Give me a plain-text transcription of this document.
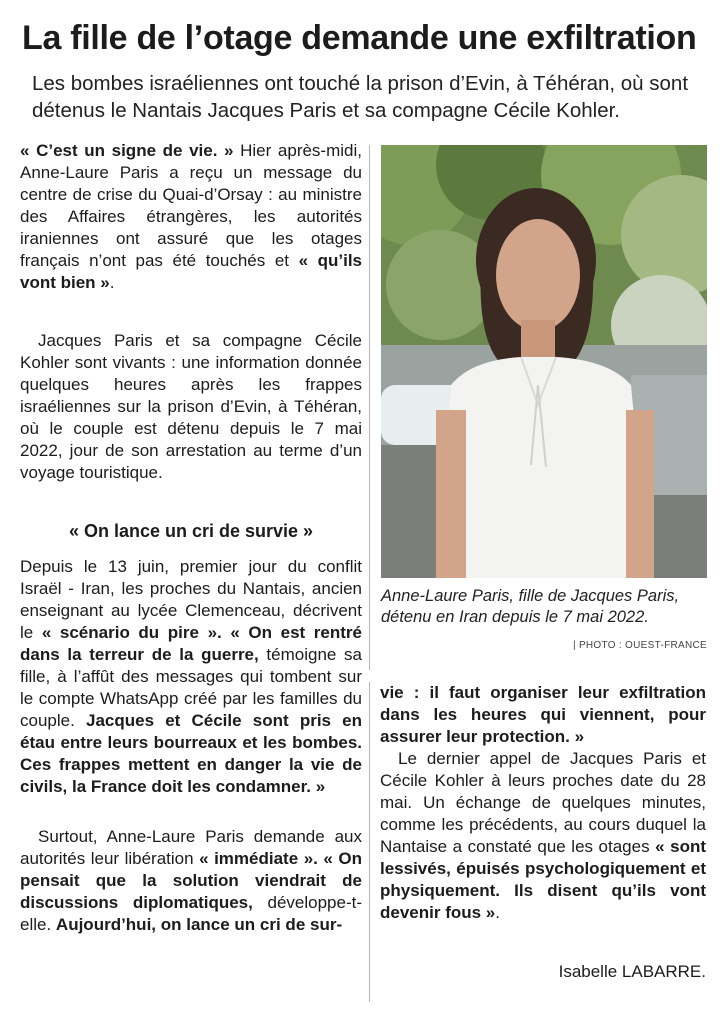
La fille de l’otage demande une exfiltration

Les bombes israéliennes ont touché la prison d’Evin, à Téhéran, où sont détenus le Nantais Jacques Paris et sa compagne Cécile Kohler.

« C’est un signe de vie. » Hier après-midi, Anne-Laure Paris a reçu un message du centre de crise du Quai-d’Orsay : au ministre des Affaires étrangères, les autorités iraniennes ont assuré que les otages français n’ont pas été touchés et « qu’ils vont bien ».

Jacques Paris et sa compagne Cécile Kohler sont vivants : une information donnée quelques heures après les frappes israéliennes sur la prison d’Evin, à Téhéran, où le couple est détenu depuis le 7 mai 2022, jour de son arrestation au terme d’un voyage touristique.

« On lance un cri de survie »

Depuis le 13 juin, premier jour du conflit Israël - Iran, les proches du Nantais, ancien enseignant au lycée Clemenceau, décrivent le « scénario du pire ». « On est rentré dans la terreur de la guerre, témoigne sa fille, à l’affût des messages qui tombent sur le compte WhatsApp créé par les familles du couple. Jacques et Cécile sont pris en étau entre leurs bourreaux et les bombes. Ces frappes mettent en danger la vie de civils, la France doit les condamner. »

Surtout, Anne-Laure Paris demande aux autorités leur libération « immédiate ». « On pensait que la solution viendrait de discussions diplomatiques, développe-t-elle. Aujourd’hui, on lance un cri de sur-

Anne-Laure Paris, fille de Jacques Paris, détenu en Iran depuis le 7 mai 2022.
| PHOTO : OUEST-FRANCE

vie : il faut organiser leur exfiltration dans les heures qui viennent, pour assurer leur protection. »

Le dernier appel de Jacques Paris et Cécile Kohler à leurs proches date du 28 mai. Un échange de quelques minutes, comme les précédents, au cours duquel la Nantaise a constaté que les otages « sont lessivés, épuisés psychologiquement et physiquement. Ils disent qu’ils vont devenir fous ».

Isabelle LABARRE.
